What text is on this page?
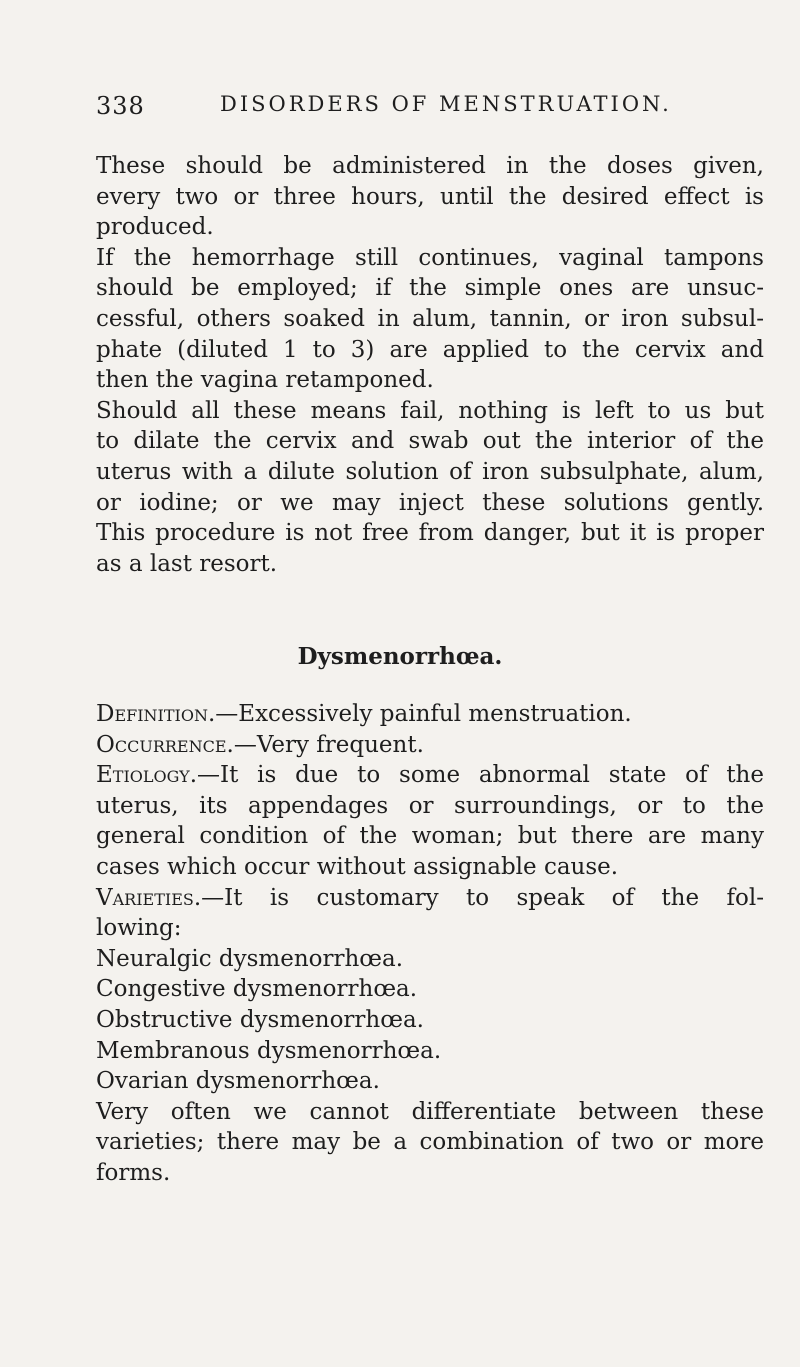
338	DISORDERS OF MENSTRUATION.
These should be administered in the doses given,
every two or three hours, until the desired effect is
produced.
If the hemorrhage still continues, vaginal tampons
should be employed; if the simple ones are unsuc-
cessful, others soaked in alum, tannin, or iron subsul-
phate (diluted 1 to 3) are applied to the cervix and
then the vagina retamponed.
Should all these means fail, nothing is left to us but
to dilate the cervix and swab out the interior of the
uterus with a dilute solution of iron subsulphate, alum,
or iodine; or we may inject these solutions gently.
This procedure is not free from danger, but it is proper
as a last resort.
Dysmenorrhœa.
Definition.—Excessively painful menstruation.
Occurrence.—Very frequent.
Etiology.—It is due to some abnormal state of the
uterus, its appendages or surroundings, or to the
general condition of the woman; but there are many
cases which occur without assignable cause.
Varieties.—It is customary to speak of the fol-
lowing:
Neuralgic dysmenorrhœa.
Congestive dysmenorrhœa.
Obstructive dysmenorrhœa.
Membranous dysmenorrhœa.
Ovarian dysmenorrhœa.
Very often we cannot differentiate between these
varieties; there may be a combination of two or more
forms.
